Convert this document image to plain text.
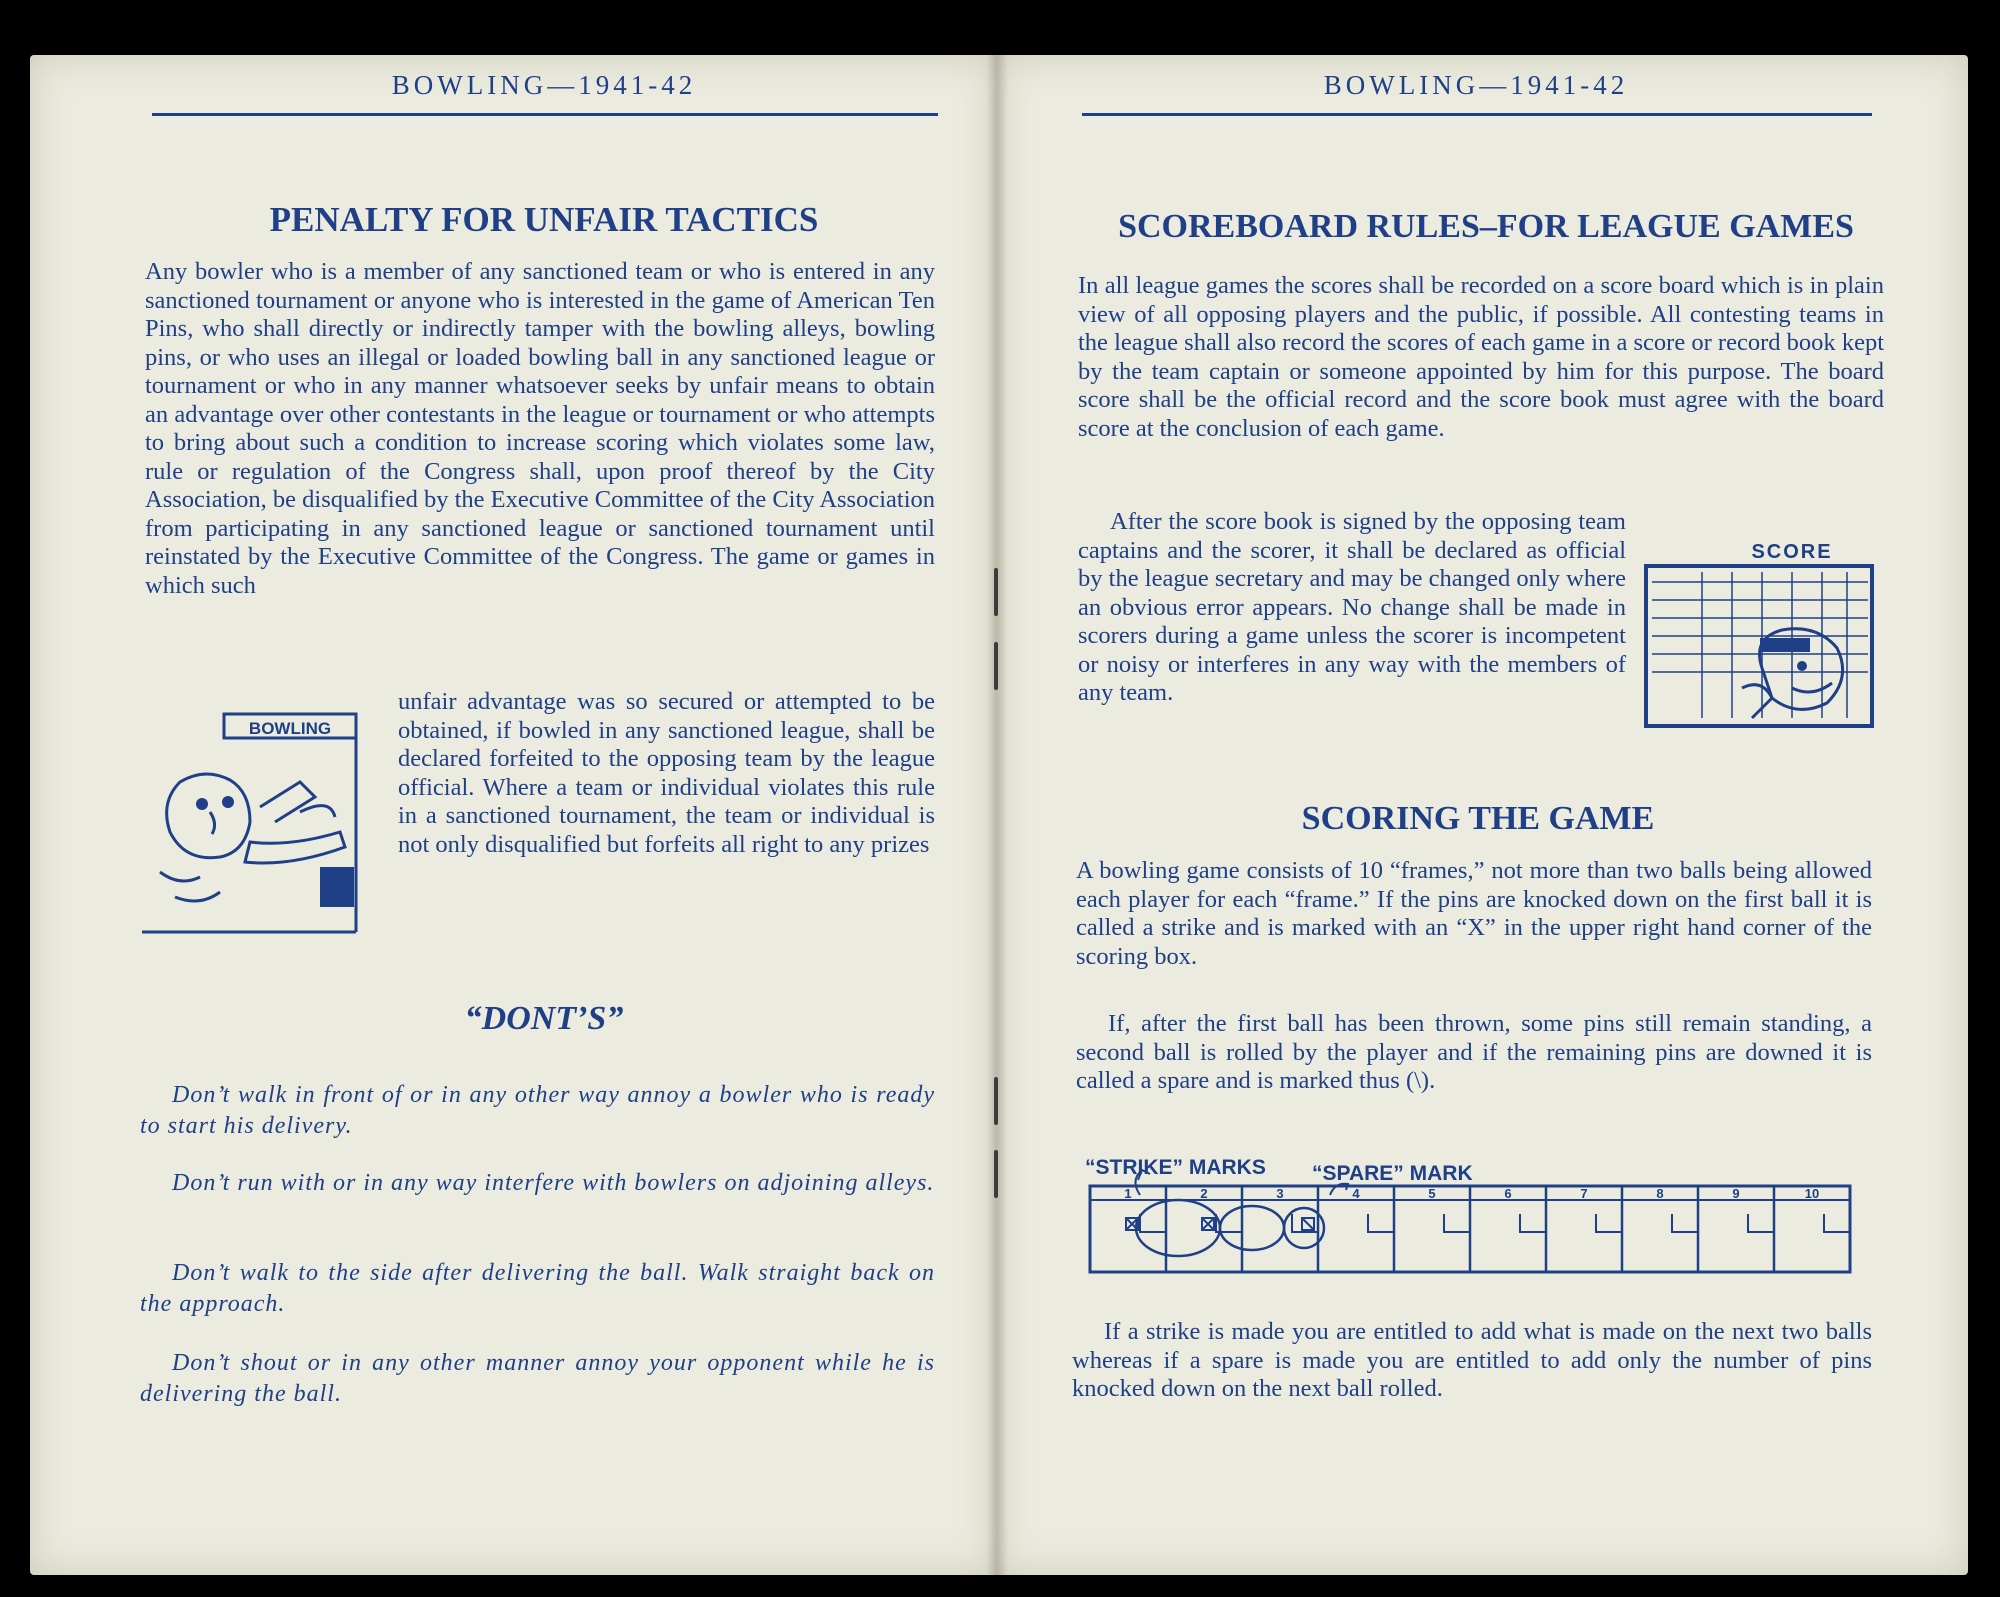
BOWLING—1941-42
PENALTY FOR UNFAIR TACTICS

Any bowler who is a member of any sanctioned team or who is entered in any sanctioned tournament or anyone who is interested in the game of American Ten Pins, who shall directly or indirectly tamper with the bowling alleys, bowling pins, or who uses an illegal or loaded bowling ball in any sanctioned league or tournament or who in any manner whatsoever seeks by unfair means to obtain an advantage over other contestants in the league or tournament or who attempts to bring about such a condition to increase scoring which violates some law, rule or regulation of the Congress shall, upon proof thereof by the City Association, be disqualified by the Executive Committee of the City Association from participating in any sanctioned league or sanctioned tournament until reinstated by the Executive Committee of the Congress. The game or games in which such

BOWLING

unfair advantage was so secured or attempted to be obtained, if bowled in any sanctioned league, shall be declared forfeited to the opposing team by the league official. Where a team or individual violates this rule in a sanctioned tournament, the team or individual is not only disqualified but forfeits all right to any prizes

“DONT’S”

Don’t walk in front of or in any other way annoy a bowler who is ready to start his delivery.

Don’t run with or in any way interfere with bowlers on adjoining alleys.

Don’t walk to the side after delivering the ball. Walk straight back on the approach.

Don’t shout or in any other manner annoy your opponent while he is delivering the ball.

BOWLING—1941-42
SCOREBOARD RULES–FOR LEAGUE GAMES

In all league games the scores shall be recorded on a score board which is in plain view of all opposing players and the public, if possible. All contesting teams in the league shall also record the scores of each game in a score or record book kept by the team captain or someone appointed by him for this purpose. The board score shall be the official record and the score book must agree with the board score at the conclusion of each game.

After the score book is signed by the opposing team captains and the scorer, it shall be declared as official by the league secretary and may be changed only where an obvious error appears. No change shall be made in scorers during a game unless the scorer is incompetent or noisy or interferes in any way with the members of any team.

SCORE
SCORING THE GAME

A bowling game consists of 10 “frames,” not more than two balls being allowed each player for each “frame.” If the pins are knocked down on the first ball it is called a strike and is marked with an “X” in the upper right hand corner of the scoring box.

If, after the first ball has been thrown, some pins still remain standing, a second ball is rolled by the player and if the remaining pins are downed it is called a spare and is marked thus (\).

“STRIKE” MARKS “SPARE” MARK
1	2	3	4	5	6	7	8	9	10

If a strike is made you are entitled to add what is made on the next two balls whereas if a spare is made you are entitled to add only the number of pins knocked down on the next ball rolled.
